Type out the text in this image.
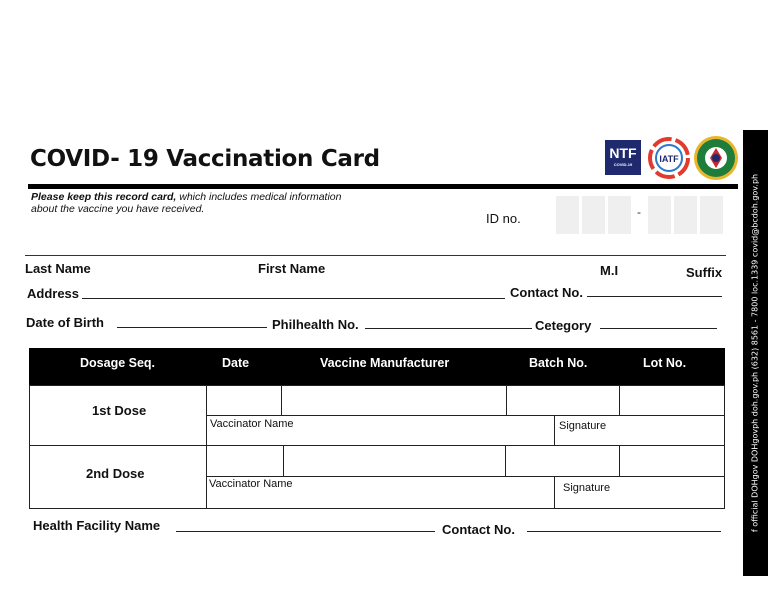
COVID- 19 Vaccination Card	NTF
COVID-19
IATF
Please keep this record card, which includes medical information
about the vaccine you have received.
ID no.	-
Last Name	First Name	M.I	Suffix
Address	Contact No.
Date of Birth	Philhealth No.	Cetegory
Dosage Seq.	Date	Vaccine Manufacturer	Batch No.	Lot No.
1st Dose
Vaccinator Name	Signature
2nd Dose
Vaccinator Name	Signature
Health Facility Name	Contact No.	f official DOHgov DOHgovph doh.gov.ph (632) 8561 - 7800 loc.1339 covid@bcdoh.gov.ph
